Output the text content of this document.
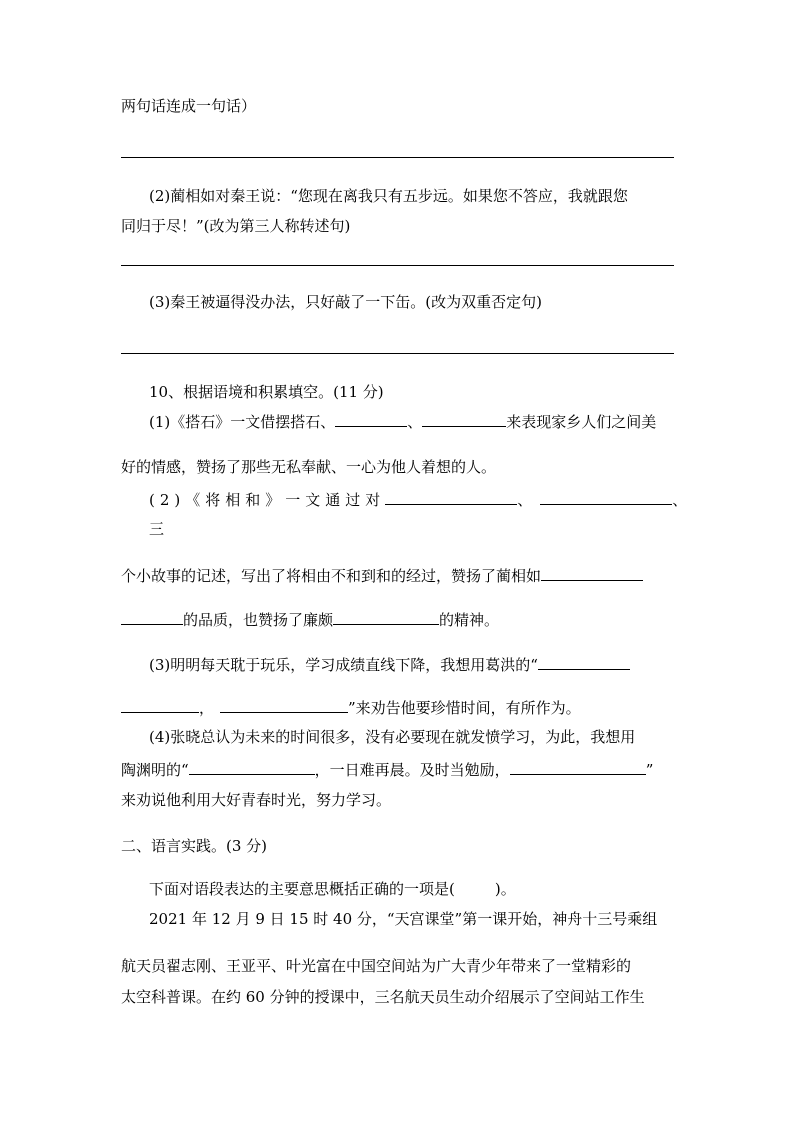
两句话连成一句话）
(2)蔺相如对秦王说：“您现在离我只有五步远。如果您不答应，我就跟您
同归于尽！”(改为第三人称转述句)
(3)秦王被逼得没办法，只好敲了一下缶。(改为双重否定句)
10、根据语境和积累填空。(11 分)
(1)《搭石》一文借摆搭石、	、	来表现家乡人们之间美
好的情感，赞扬了那些无私奉献、一心为他人着想的人。
(2)《将相和》一文通过对	、	、
三
个小故事的记述，写出了将相由不和到和的经过，赞扬了蔺相如
的品质，也赞扬了廉颇	的精神。
(3)明明每天耽于玩乐，学习成绩直线下降，我想用葛洪的“
，	”来劝告他要珍惜时间，有所作为。
(4)张晓总认为未来的时间很多，没有必要现在就发愤学习，为此，我想用
陶渊明的“	，一日难再晨。及时当勉励，	”
来劝说他利用大好青春时光，努力学习。
二、语言实践。(3 分)
下面对语段表达的主要意思概括正确的一项是(	)。
2021 年 12 月 9 日 15 时 40 分，“天宫课堂”第一课开始，神舟十三号乘组
航天员翟志刚、王亚平、叶光富在中国空间站为广大青少年带来了一堂精彩的
太空科普课。在约 60 分钟的授课中，三名航天员生动介绍展示了空间站工作生
